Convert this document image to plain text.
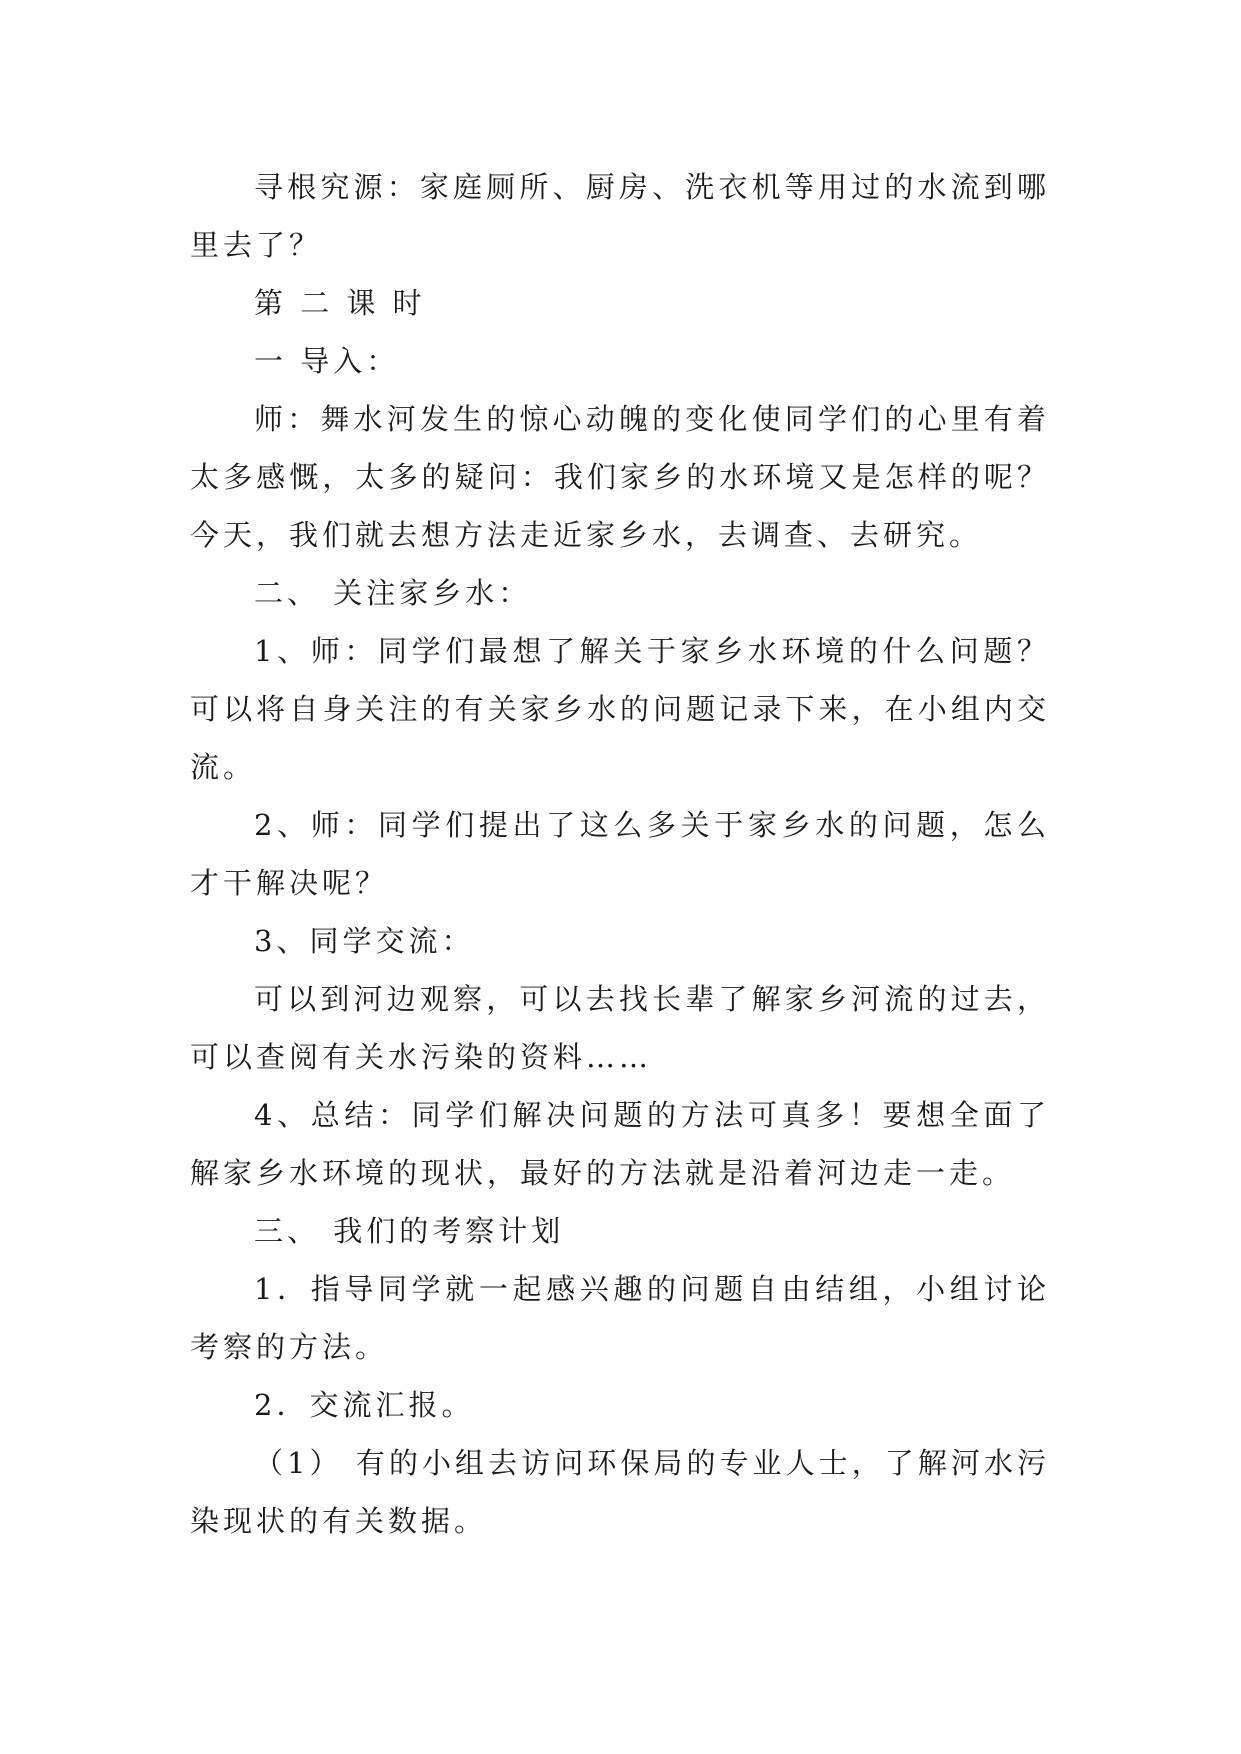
寻根究源：家庭厕所、厨房、洗衣机等用过的水流到哪里去了？

第 二 课 时

一 导入：

师：舞水河发生的惊心动魄的变化使同学们的心里有着太多感慨，太多的疑问：我们家乡的水环境又是怎样的呢？今天，我们就去想方法走近家乡水，去调查、去研究。

二、 关注家乡水：

1、师：同学们最想了解关于家乡水环境的什么问题？可以将自身关注的有关家乡水的问题记录下来，在小组内交流。

2、师：同学们提出了这么多关于家乡水的问题，怎么才干解决呢？

3、同学交流：

可以到河边观察，可以去找长辈了解家乡河流的过去，可以查阅有关水污染的资料……

4、总结：同学们解决问题的方法可真多！要想全面了解家乡水环境的现状，最好的方法就是沿着河边走一走。

三、 我们的考察计划

1．指导同学就一起感兴趣的问题自由结组，小组讨论考察的方法。

2．交流汇报。

（1） 有的小组去访问环保局的专业人士，了解河水污染现状的有关数据。
